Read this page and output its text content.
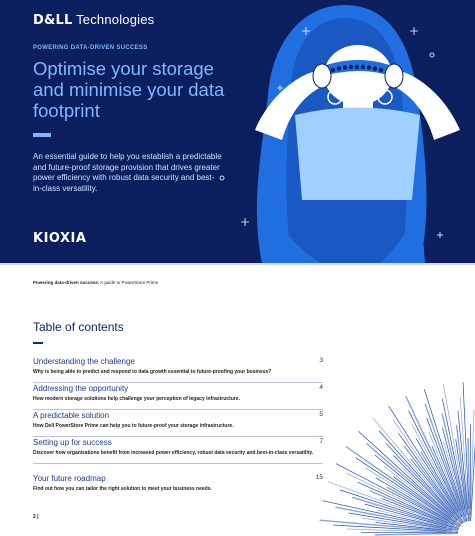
D&LL Technologies
POWERING DATA-DRIVEN SUCCESS
Optimise your storage and minimise your data footprint
An essential guide to help you establish a predictable and future-proof storage provision that drives greater power efficiency with robust data security and best-in-class versatility.
KIOXIA
Powering data-driven success: A guide to PowerStore Prime
Table of contents
Understanding the challenge	3
Why is being able to predict and respond to data growth essential to future-proofing your business?
Addressing the opportunity	4
How modern storage solutions help challenge your perception of legacy infrastructure.
A predictable solution	5
How Dell PowerStore Prime can help you to future-proof your storage infrastructure.
Setting up for success	7
Discover how organizations benefit from increased power efficiency, robust data security and best-in-class versatility.
Your future roadmap	15
Find out how you can tailor the right solution to meet your business needs.
2 |
